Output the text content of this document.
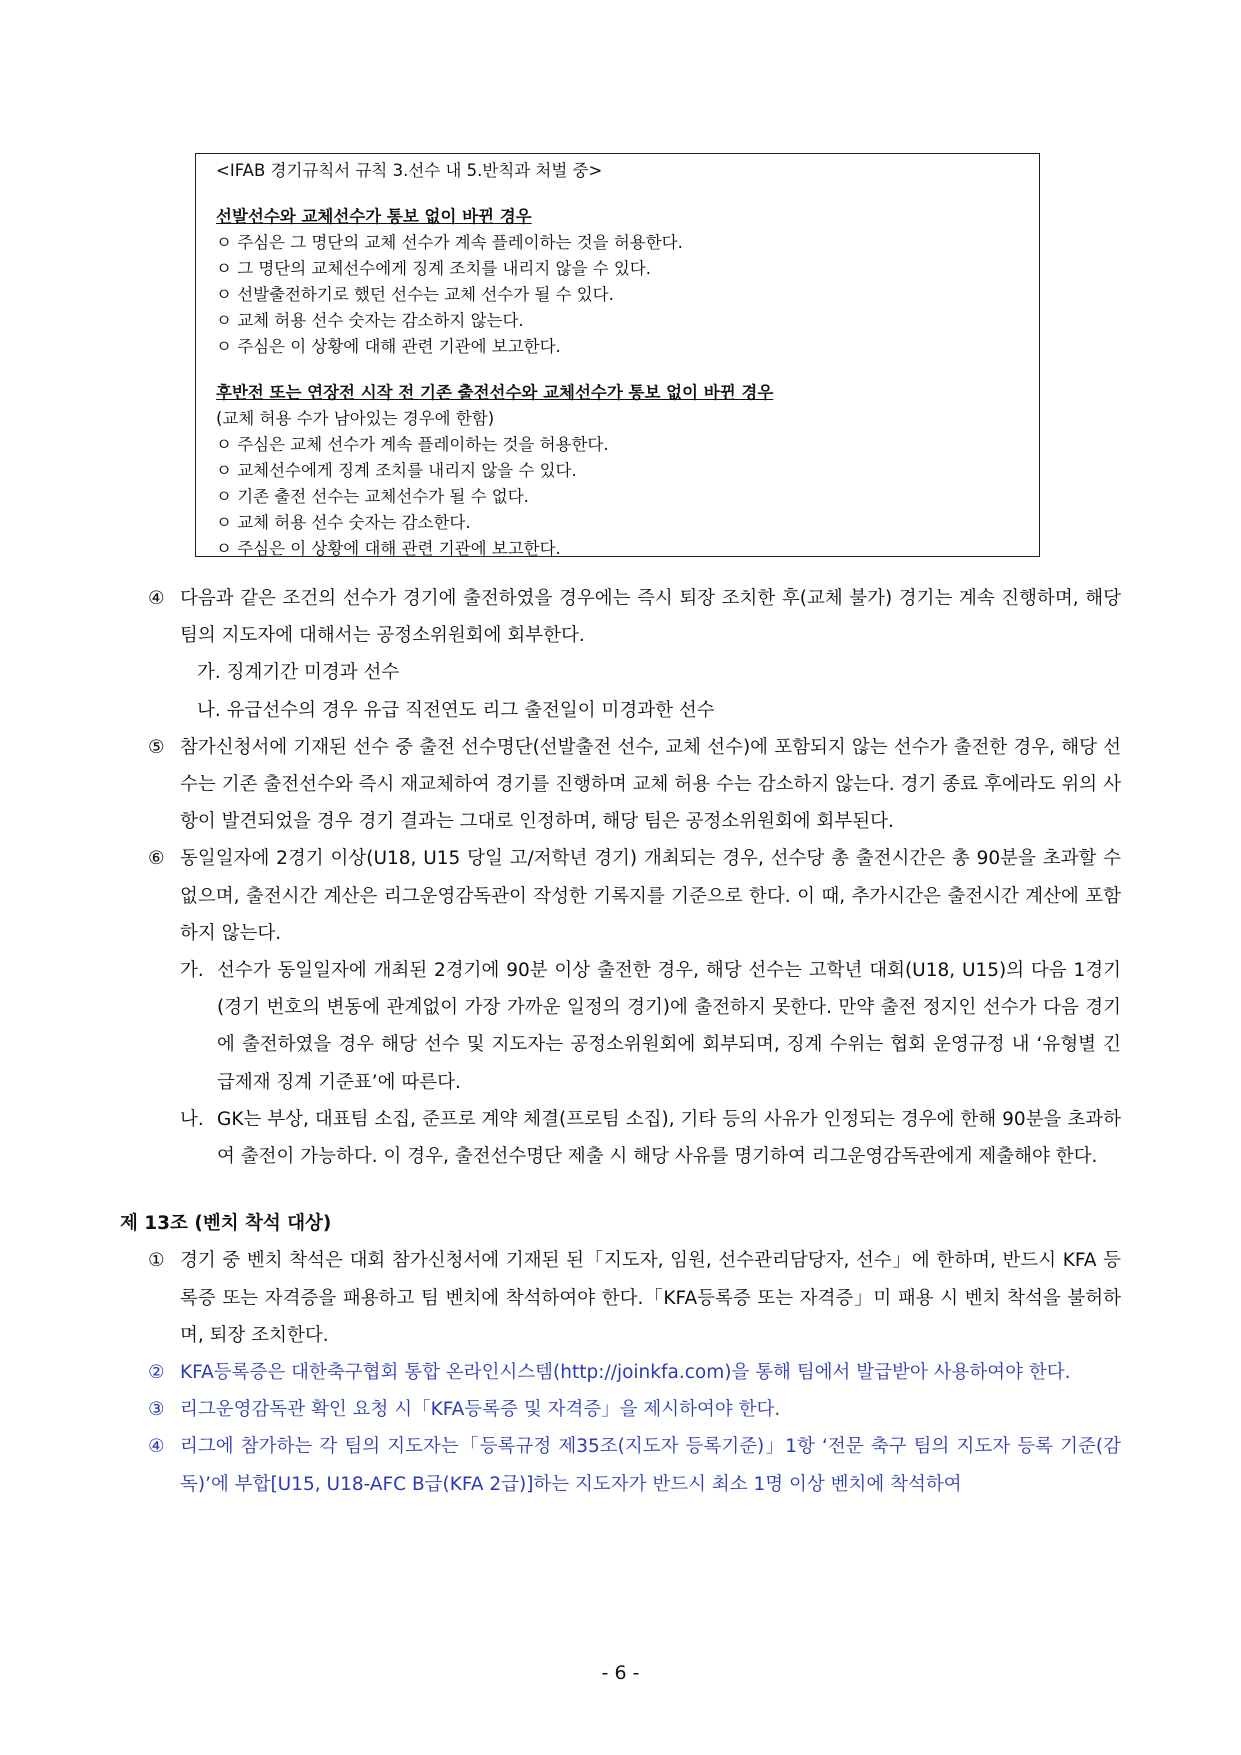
<IFAB 경기규칙서 규칙 3.선수 내 5.반칙과 처벌 중>
선발선수와 교체선수가 통보 없이 바뀐 경우
ㅇ 주심은 그 명단의 교체 선수가 계속 플레이하는 것을 허용한다.
ㅇ 그 명단의 교체선수에게 징계 조치를 내리지 않을 수 있다.
ㅇ 선발출전하기로 했던 선수는 교체 선수가 될 수 있다.
ㅇ 교체 허용 선수 숫자는 감소하지 않는다.
ㅇ 주심은 이 상황에 대해 관련 기관에 보고한다.
후반전 또는 연장전 시작 전 기존 출전선수와 교체선수가 통보 없이 바뀐 경우
(교체 허용 수가 남아있는 경우에 한함)
ㅇ 주심은 교체 선수가 계속 플레이하는 것을 허용한다.
ㅇ 교체선수에게 징계 조치를 내리지 않을 수 있다.
ㅇ 기존 출전 선수는 교체선수가 될 수 없다.
ㅇ 교체 허용 선수 숫자는 감소한다.
ㅇ 주심은 이 상황에 대해 관련 기관에 보고한다.
④ 다음과 같은 조건의 선수가 경기에 출전하였을 경우에는 즉시 퇴장 조치한 후(교체 불가) 경기는 계속 진행하며, 해당 팀의 지도자에 대해서는 공정소위원회에 회부한다.
가. 징계기간 미경과 선수
나. 유급선수의 경우 유급 직전연도 리그 출전일이 미경과한 선수
⑤ 참가신청서에 기재된 선수 중 출전 선수명단(선발출전 선수, 교체 선수)에 포함되지 않는 선수가 출전한 경우, 해당 선수는 기존 출전선수와 즉시 재교체하여 경기를 진행하며 교체 허용 수는 감소하지 않는다. 경기 종료 후에라도 위의 사항이 발견되었을 경우 경기 결과는 그대로 인정하며, 해당 팀은 공정소위원회에 회부된다.
⑥ 동일일자에 2경기 이상(U18, U15 당일 고/저학년 경기) 개최되는 경우, 선수당 총 출전시간은 총 90분을 초과할 수 없으며, 출전시간 계산은 리그운영감독관이 작성한 기록지를 기준으로 한다. 이 때, 추가시간은 출전시간 계산에 포함하지 않는다.
가. 선수가 동일일자에 개최된 2경기에 90분 이상 출전한 경우, 해당 선수는 고학년 대회(U18, U15)의 다음 1경기(경기 번호의 변동에 관계없이 가장 가까운 일정의 경기)에 출전하지 못한다. 만약 출전 정지인 선수가 다음 경기에 출전하였을 경우 해당 선수 및 지도자는 공정소위원회에 회부되며, 징계 수위는 협회 운영규정 내 ‘유형별 긴급제재 징계 기준표’에 따른다.
나. GK는 부상, 대표팀 소집, 준프로 계약 체결(프로팀 소집), 기타 등의 사유가 인정되는 경우에 한해 90분을 초과하여 출전이 가능하다. 이 경우, 출전선수명단 제출 시 해당 사유를 명기하여 리그운영감독관에게 제출해야 한다.
제 13조 (벤치 착석 대상)
① 경기 중 벤치 착석은 대회 참가신청서에 기재된 된「지도자, 임원, 선수관리담당자, 선수」에 한하며, 반드시 KFA 등록증 또는 자격증을 패용하고 팀 벤치에 착석하여야 한다.「KFA등록증 또는 자격증」미 패용 시 벤치 착석을 불허하며, 퇴장 조치한다.
② KFA등록증은 대한축구협회 통합 온라인시스템(http://joinkfa.com)을 통해 팀에서 발급받아 사용하여야 한다.
③ 리그운영감독관 확인 요청 시「KFA등록증 및 자격증」을 제시하여야 한다.
④ 리그에 참가하는 각 팀의 지도자는「등록규정 제35조(지도자 등록기준)」1항 ‘전문 축구 팀의 지도자 등록 기준(감독)’에 부합[U15, U18-AFC B급(KFA 2급)]하는 지도자가 반드시 최소 1명 이상 벤치에 착석하여
- 6 -
